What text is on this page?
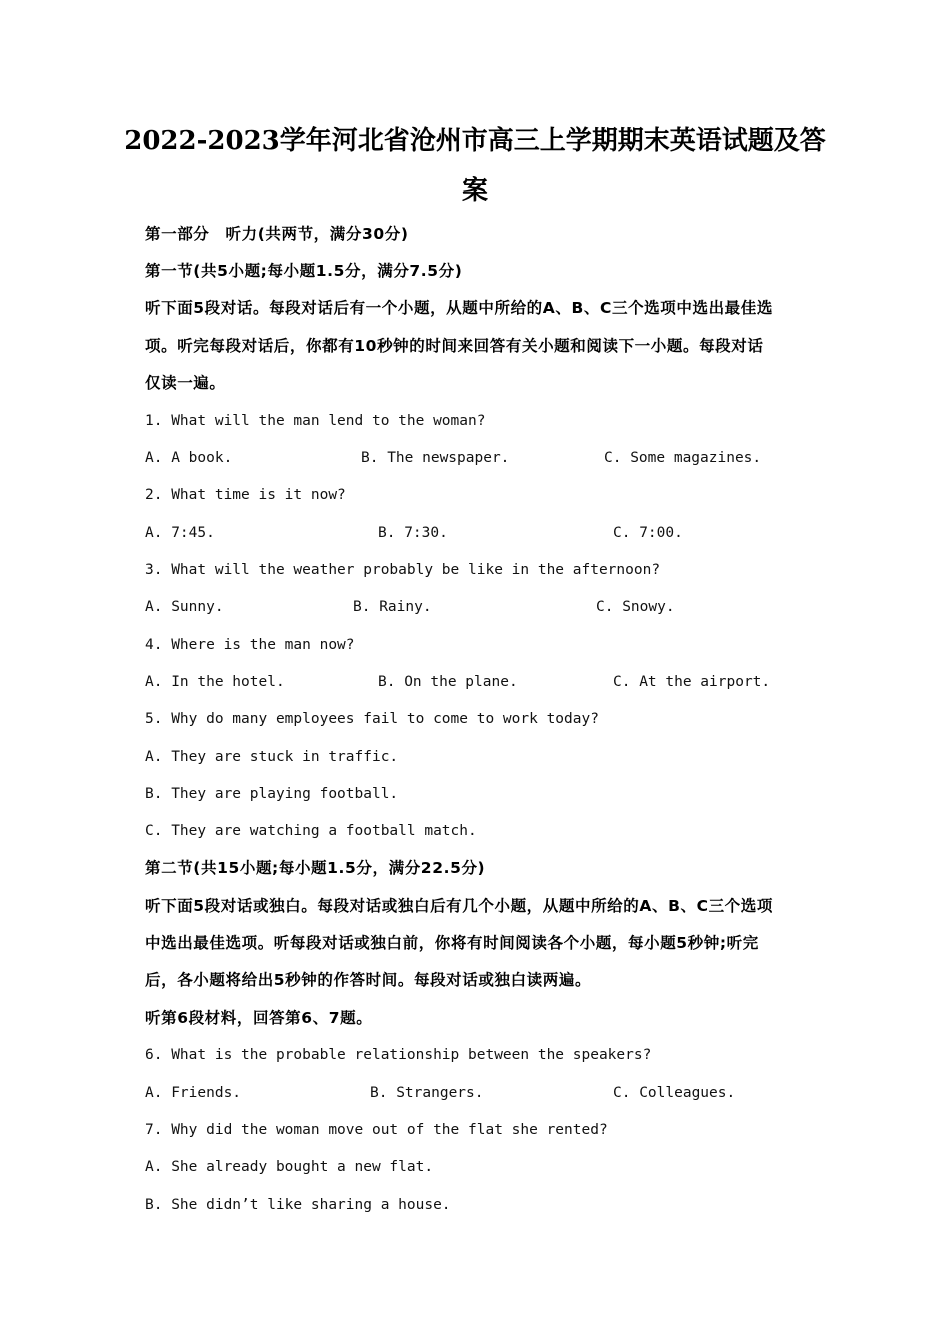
2022-2023学年河北省沧州市高三上学期期末英语试题及答
案

第一部分　听力(共两节，满分30分)

第一节(共5小题;每小题1.5分，满分7.5分)

听下面5段对话。每段对话后有一个小题，从题中所给的A、B、C三个选项中选出最佳选

项。听完每段对话后，你都有10秒钟的时间来回答有关小题和阅读下一小题。每段对话

仅读一遍。

1. What will the man lend to the woman?

A. A book.	B. The newspaper.	C. Some magazines.

2. What time is it now?

A. 7:45.	B. 7:30.	C. 7:00.

3. What will the weather probably be like in the afternoon?

A. Sunny.	B. Rainy.	C. Snowy.

4. Where is the man now?

A. In the hotel.	B. On the plane.	C. At the airport.

5. Why do many employees fail to come to work today?

A. They are stuck in traffic.

B. They are playing football.

C. They are watching a football match.

第二节(共15小题;每小题1.5分，满分22.5分)

听下面5段对话或独白。每段对话或独白后有几个小题，从题中所给的A、B、C三个选项

中选出最佳选项。听每段对话或独白前，你将有时间阅读各个小题，每小题5秒钟;听完

后，各小题将给出5秒钟的作答时间。每段对话或独白读两遍。

听第6段材料，回答第6、7题。

6. What is the probable relationship between the speakers?

A. Friends.	B. Strangers.	C. Colleagues.

7. Why did the woman move out of the flat she rented?

A. She already bought a new flat.

B. She didn’t like sharing a house.
